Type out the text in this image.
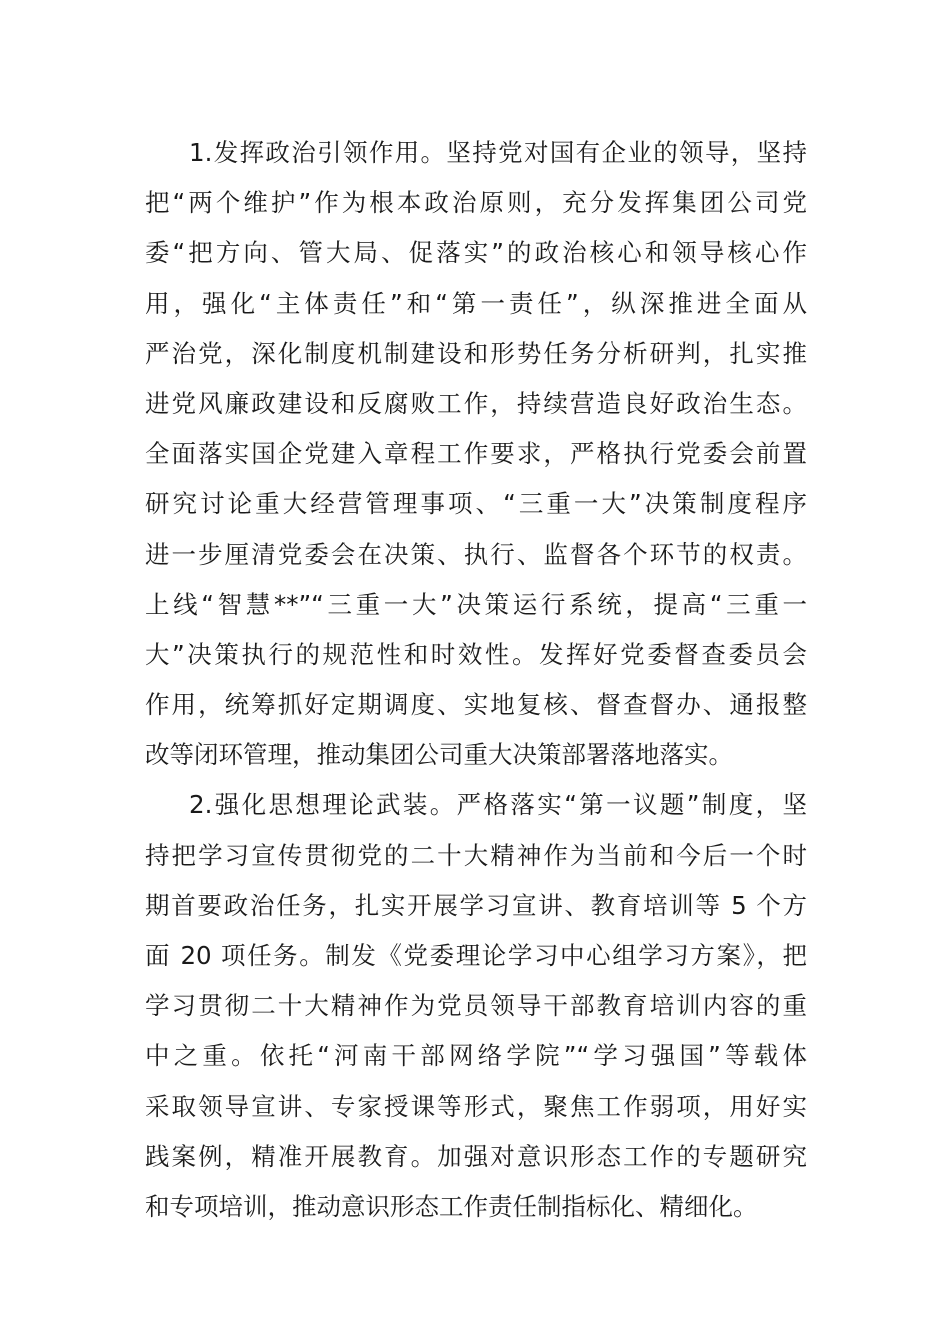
1.发挥政治引领作用。坚持党对国有企业的领导，坚持
把“两个维护”作为根本政治原则，充分发挥集团公司党
委“把方向、管大局、促落实”的政治核心和领导核心作
用，强化“主体责任”和“第一责任”，纵深推进全面从
严治党，深化制度机制建设和形势任务分析研判，扎实推
进党风廉政建设和反腐败工作，持续营造良好政治生态。
全面落实国企党建入章程工作要求，严格执行党委会前置
研究讨论重大经营管理事项、“三重一大”决策制度程序
进一步厘清党委会在决策、执行、监督各个环节的权责。
上线“智慧**”“三重一大”决策运行系统，提高“三重一
大”决策执行的规范性和时效性。发挥好党委督查委员会
作用，统筹抓好定期调度、实地复核、督查督办、通报整
改等闭环管理，推动集团公司重大决策部署落地落实。
2.强化思想理论武装。严格落实“第一议题”制度，坚
持把学习宣传贯彻党的二十大精神作为当前和今后一个时
期首要政治任务，扎实开展学习宣讲、教育培训等 5 个方
面 20 项任务。制发《党委理论学习中心组学习方案》，把
学习贯彻二十大精神作为党员领导干部教育培训内容的重
中之重。依托“河南干部网络学院”“学习强国”等载体
采取领导宣讲、专家授课等形式，聚焦工作弱项，用好实
践案例，精准开展教育。加强对意识形态工作的专题研究
和专项培训，推动意识形态工作责任制指标化、精细化。
